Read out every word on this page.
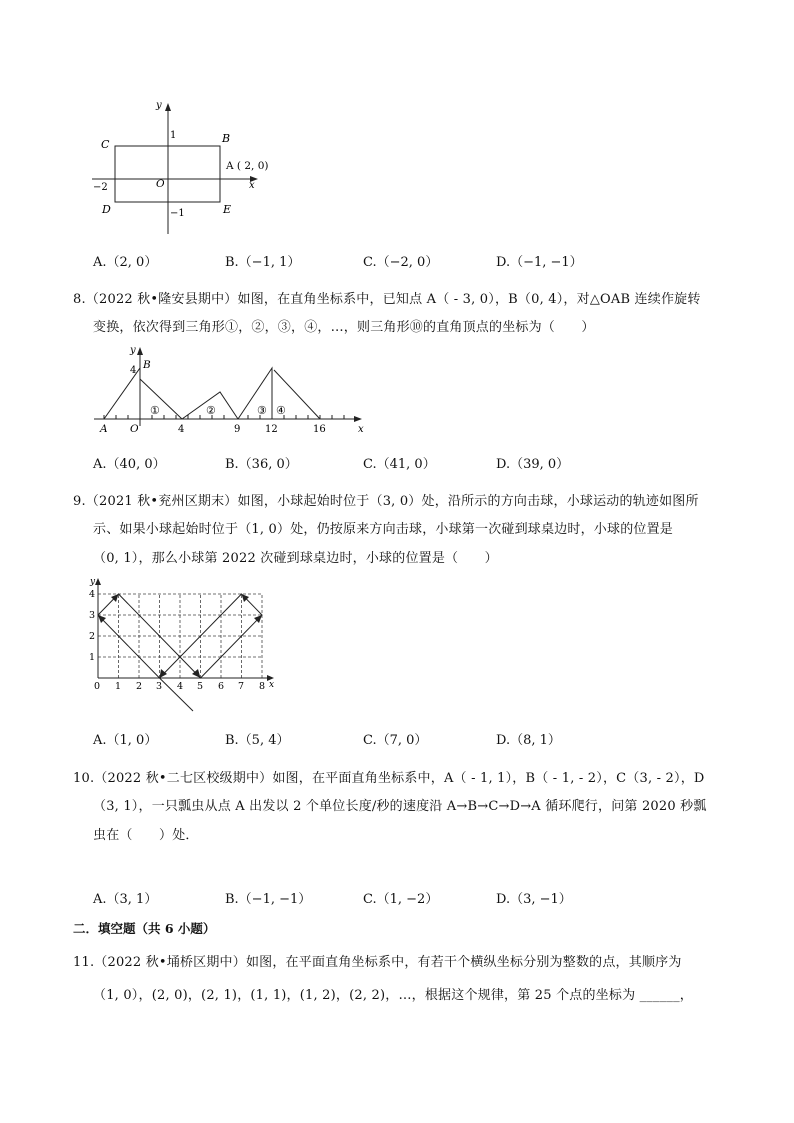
y
x
C	B
D	E
A ( 2, 0)
O
1
−1
−2
A.（2, 0）	B.（−1, 1）	C.（−2, 0）	D.（−1, −1）
8.（2022 秋•隆安县期中）如图，在直角坐标系中，已知点 A（ - 3, 0），B（0, 4），对△OAB 连续作旋转
变换，依次得到三角形①，②，③，④，…，则三角形⑩的直角顶点的坐标为（　　）
y
x
B
4
A O	4	9 12	16
①	②	③ ④
A.（40, 0）	B.（36, 0）	C.（41, 0）	D.（39, 0）
9.（2021 秋•兖州区期末）如图，小球起始时位于（3, 0）处，沿所示的方向击球，小球运动的轨迹如图所
示、如果小球起始时位于（1, 0）处，仍按原来方向击球，小球第一次碰到球桌边时，小球的位置是
（0, 1），那么小球第 2022 次碰到球桌边时，小球的位置是（　　）
y
x
0 1 2 3 4 5 6 7 8
1
2
3
4
A.（1, 0）	B.（5, 4）	C.（7, 0）	D.（8, 1）
10.（2022 秋•二七区校级期中）如图，在平面直角坐标系中，A（ - 1, 1），B（ - 1, - 2），C（3, - 2），D
（3, 1），一只瓢虫从点 A 出发以 2 个单位长度/秒的速度沿 A→B→C→D→A 循环爬行，问第 2020 秒瓢
虫在（　　）处．
A.（3, 1）	B.（−1, −1）	C.（1, −2）	D.（3, −1）
二．填空题（共 6 小题）
11.（2022 秋•埇桥区期中）如图，在平面直角坐标系中，有若干个横纵坐标分别为整数的点，其顺序为
（1, 0），(2, 0)，(2, 1)，(1, 1)，(1, 2)，(2, 2)，…，根据这个规律，第 25 个点的坐标为 ______，
